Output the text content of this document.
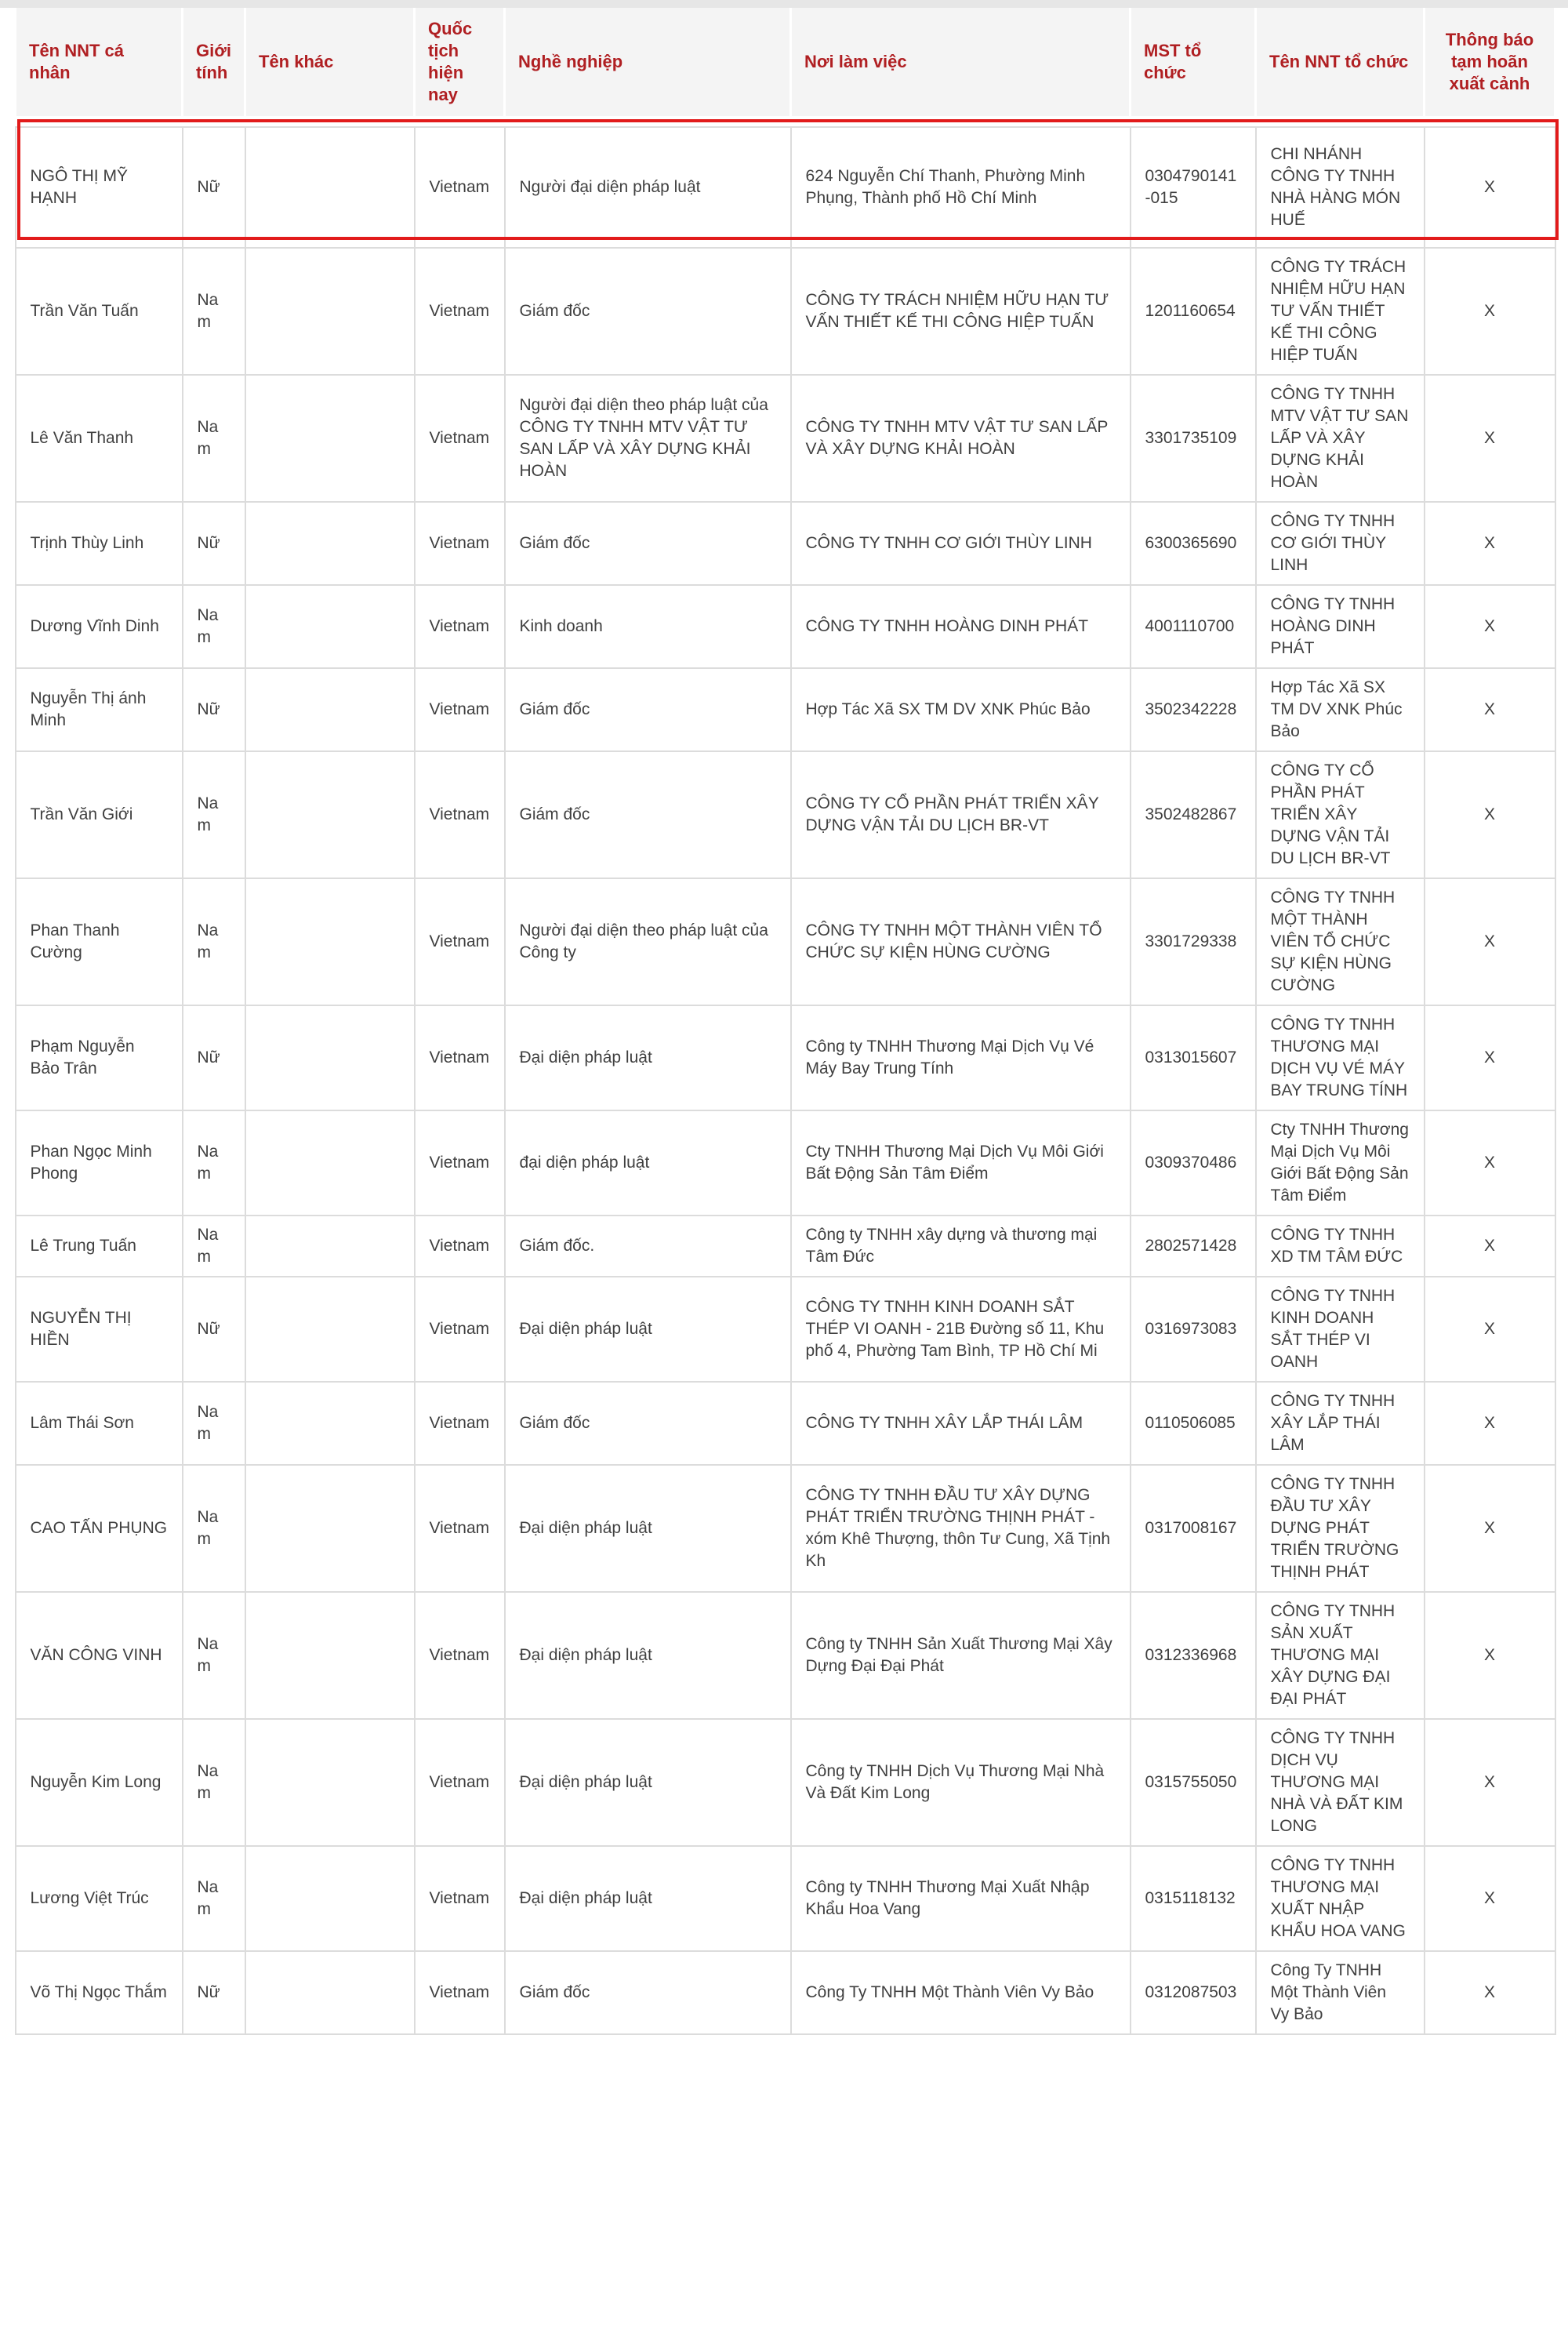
Tên NNT cá nhân	Giới tính	Tên khác	Quốc tịch hiện nay	Nghề nghiệp	Nơi làm việc	MST tổ chức	Tên NNT tổ chức	Thông báo tạm hoãn xuất cảnh

NGÔ THỊ MỸ HẠNH	Nữ		Vietnam	Người đại diện pháp luật	624 Nguyễn Chí Thanh, Phường Minh Phụng, Thành phố Hồ Chí Minh	0304790141-015	CHI NHÁNH CÔNG TY TNHH NHÀ HÀNG MÓN HUẾ	X
Trần Văn Tuấn	Nam		Vietnam	Giám đốc	CÔNG TY TRÁCH NHIỆM HỮU HẠN TƯ VẤN THIẾT KẾ THI CÔNG HIỆP TUẤN	1201160654	CÔNG TY TRÁCH NHIỆM HỮU HẠN TƯ VẤN THIẾT KẾ THI CÔNG HIỆP TUẤN	X
Lê Văn Thanh	Nam		Vietnam	Người đại diện theo pháp luật của CÔNG TY TNHH MTV VẬT TƯ SAN LẤP VÀ XÂY DỰNG KHẢI HOÀN	CÔNG TY TNHH MTV VẬT TƯ SAN LẤP VÀ XÂY DỰNG KHẢI HOÀN	3301735109	CÔNG TY TNHH MTV VẬT TƯ SAN LẤP VÀ XÂY DỰNG KHẢI HOÀN	X
Trịnh Thùy Linh	Nữ		Vietnam	Giám đốc	CÔNG TY TNHH CƠ GIỚI THÙY LINH	6300365690	CÔNG TY TNHH CƠ GIỚI THÙY LINH	X
Dương Vĩnh Dinh	Nam		Vietnam	Kinh doanh	CÔNG TY TNHH HOÀNG DINH PHÁT	4001110700	CÔNG TY TNHH HOÀNG DINH PHÁT	X
Nguyễn Thị ánh Minh	Nữ		Vietnam	Giám đốc	Hợp Tác Xã SX TM DV XNK Phúc Bảo	3502342228	Hợp Tác Xã SX TM DV XNK Phúc Bảo	X
Trần Văn Giới	Nam		Vietnam	Giám đốc	CÔNG TY CỔ PHẦN PHÁT TRIỂN XÂY DỰNG VẬN TẢI DU LỊCH BR-VT	3502482867	CÔNG TY CỔ PHẦN PHÁT TRIỂN XÂY DỰNG VẬN TẢI DU LỊCH BR-VT	X
Phan Thanh Cường	Nam		Vietnam	Người đại diện theo pháp luật của Công ty	CÔNG TY TNHH MỘT THÀNH VIÊN TỔ CHỨC SỰ KIỆN HÙNG CƯỜNG	3301729338	CÔNG TY TNHH MỘT THÀNH VIÊN TỔ CHỨC SỰ KIỆN HÙNG CƯỜNG	X
Phạm Nguyễn Bảo Trân	Nữ		Vietnam	Đại diện pháp luật	Công ty TNHH Thương Mại Dịch Vụ Vé Máy Bay Trung Tính	0313015607	CÔNG TY TNHH THƯƠNG MẠI DỊCH VỤ VÉ MÁY BAY TRUNG TÍNH	X
Phan Ngọc Minh Phong	Nam		Vietnam	đại diện pháp luật	Cty TNHH Thương Mại Dịch Vụ Môi Giới Bất Động Sản Tâm Điểm	0309370486	Cty TNHH Thương Mại Dịch Vụ Môi Giới Bất Động Sản Tâm Điểm	X
Lê Trung Tuấn	Nam		Vietnam	Giám đốc.	Công ty TNHH xây dựng và thương mại Tâm Đức	2802571428	CÔNG TY TNHH XD TM TÂM ĐỨC	X
NGUYỄN THỊ HIỀN	Nữ		Vietnam	Đại diện pháp luật	CÔNG TY TNHH KINH DOANH SẮT THÉP VI OANH - 21B Đường số 11, Khu phố 4, Phường Tam Bình, TP Hồ Chí Mi	0316973083	CÔNG TY TNHH KINH DOANH SẮT THÉP VI OANH	X
Lâm Thái Sơn	Nam		Vietnam	Giám đốc	CÔNG TY TNHH XÂY LẮP THÁI LÂM	0110506085	CÔNG TY TNHH XÂY LẮP THÁI LÂM	X
CAO TẤN PHỤNG	Nam		Vietnam	Đại diện pháp luật	CÔNG TY TNHH ĐẦU TƯ XÂY DỰNG PHÁT TRIỂN TRƯỜNG THỊNH PHÁT - xóm Khê Thượng, thôn Tư Cung, Xã Tịnh Kh	0317008167	CÔNG TY TNHH ĐẦU TƯ XÂY DỰNG PHÁT TRIỂN TRƯỜNG THỊNH PHÁT	X
VĂN CÔNG VINH	Nam		Vietnam	Đại diện pháp luật	Công ty TNHH Sản Xuất Thương Mại Xây Dựng Đại Đại Phát	0312336968	CÔNG TY TNHH SẢN XUẤT THƯƠNG MẠI XÂY DỰNG ĐẠI ĐẠI PHÁT	X
Nguyễn Kim Long	Nam		Vietnam	Đại diện pháp luật	Công ty TNHH Dịch Vụ Thương Mại Nhà Và Đất Kim Long	0315755050	CÔNG TY TNHH DỊCH VỤ THƯƠNG MẠI NHÀ VÀ ĐẤT KIM LONG	X
Lương Việt Trúc	Nam		Vietnam	Đại diện pháp luật	Công ty TNHH Thương Mại Xuất Nhập Khẩu Hoa Vang	0315118132	CÔNG TY TNHH THƯƠNG MẠI XUẤT NHẬP KHẨU HOA VANG	X
Võ Thị Ngọc Thắm	Nữ		Vietnam	Giám đốc	Công Ty TNHH Một Thành Viên Vy Bảo	0312087503	Công Ty TNHH Một Thành Viên Vy Bảo	X
